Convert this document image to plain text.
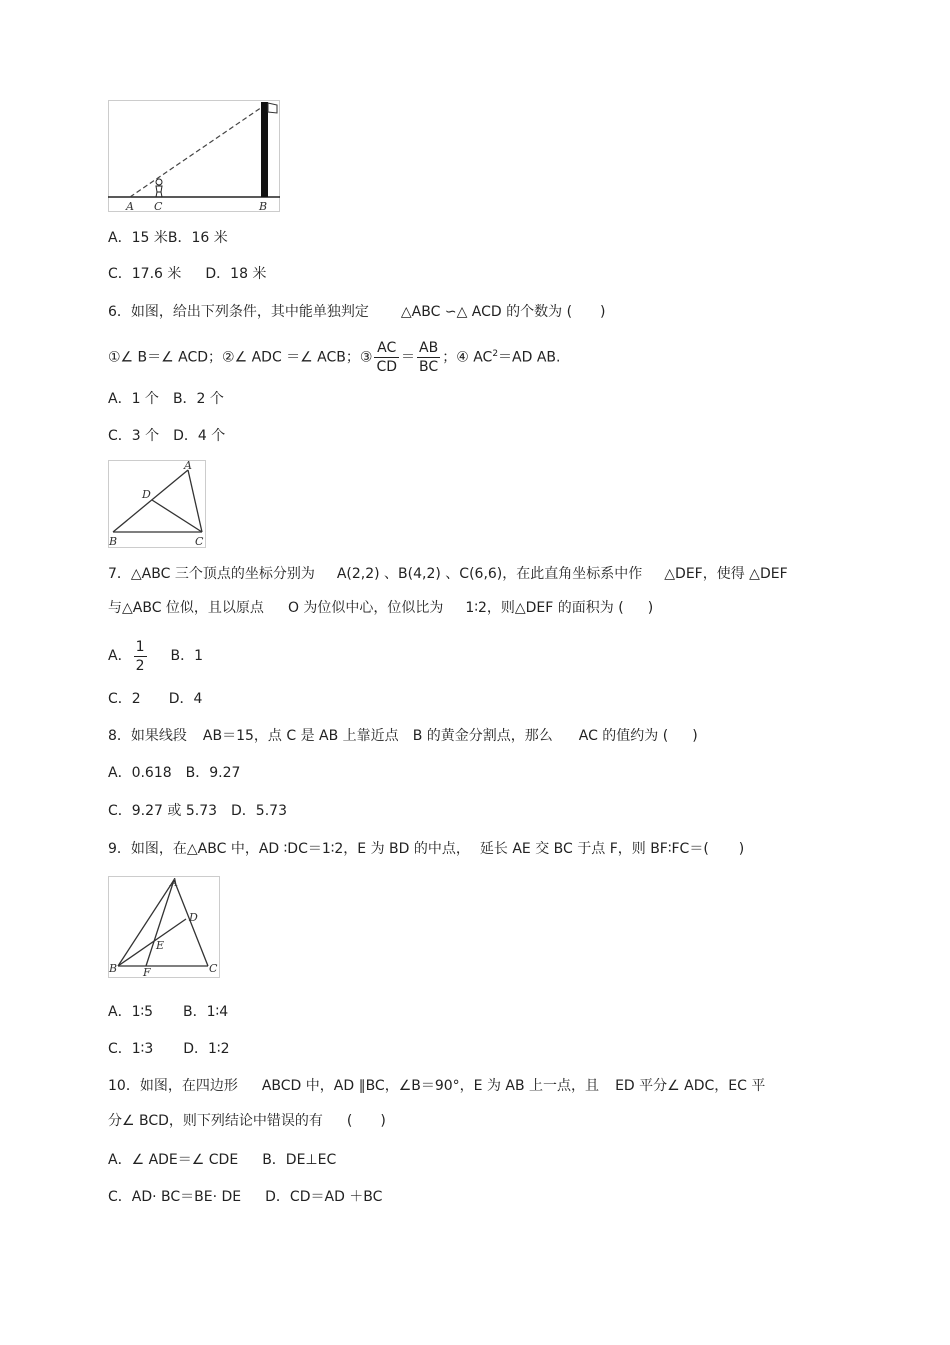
A C	B
A．15 米B．16 米
C．17.6 米 D．18 米
6．如图，给出下列条件，其中能单独判定 △ABC ∽△ ACD 的个数为 ( )
①∠ B＝∠ ACD；②∠ ADC ＝∠ ACB；③ $\frac{AC}{CD} = \frac{AB}{BC}$ ；④ $AC^2=AD$ AB.
A．1 个 B．2 个
C．3 个 D．4 个
A
D
B	C
7．△ABC 三个顶点的坐标分别为 A(2,2) 、B(4,2) 、C(6,6)，在此直角坐标系中作 △DEF，使得 △DEF
与△ABC 位似，且以原点 O 为位似中心，位似比为 1∶2，则△DEF 的面积为 ( )
A． $\frac{1}{2}$ B．1
C．2 D．4
8．如果线段 AB＝15，点 C 是 AB 上靠近点 B 的黄金分割点，那么 AC 的值约为 ( )
A．0.618 B．9.27
C．9.27 或 5.73 D．5.73
9．如图，在△ABC 中，AD ∶DC＝1∶2，E 为 BD 的中点， 延长 AE 交 BC 于点 F，则 BF∶FC＝( )
A
D
E
B F	C
A．1∶5 B．1∶4
C．1∶3 D．1∶2
10．如图，在四边形 ABCD 中，AD ∥BC，∠B＝90°，E 为 AB 上一点，且 ED 平分∠ ADC，EC 平
分∠ BCD，则下列结论中错误的有 ( )
A．∠ ADE＝∠ CDE B．DE⊥EC
C．AD· BC＝BE· DE D．CD＝AD ＋BC
